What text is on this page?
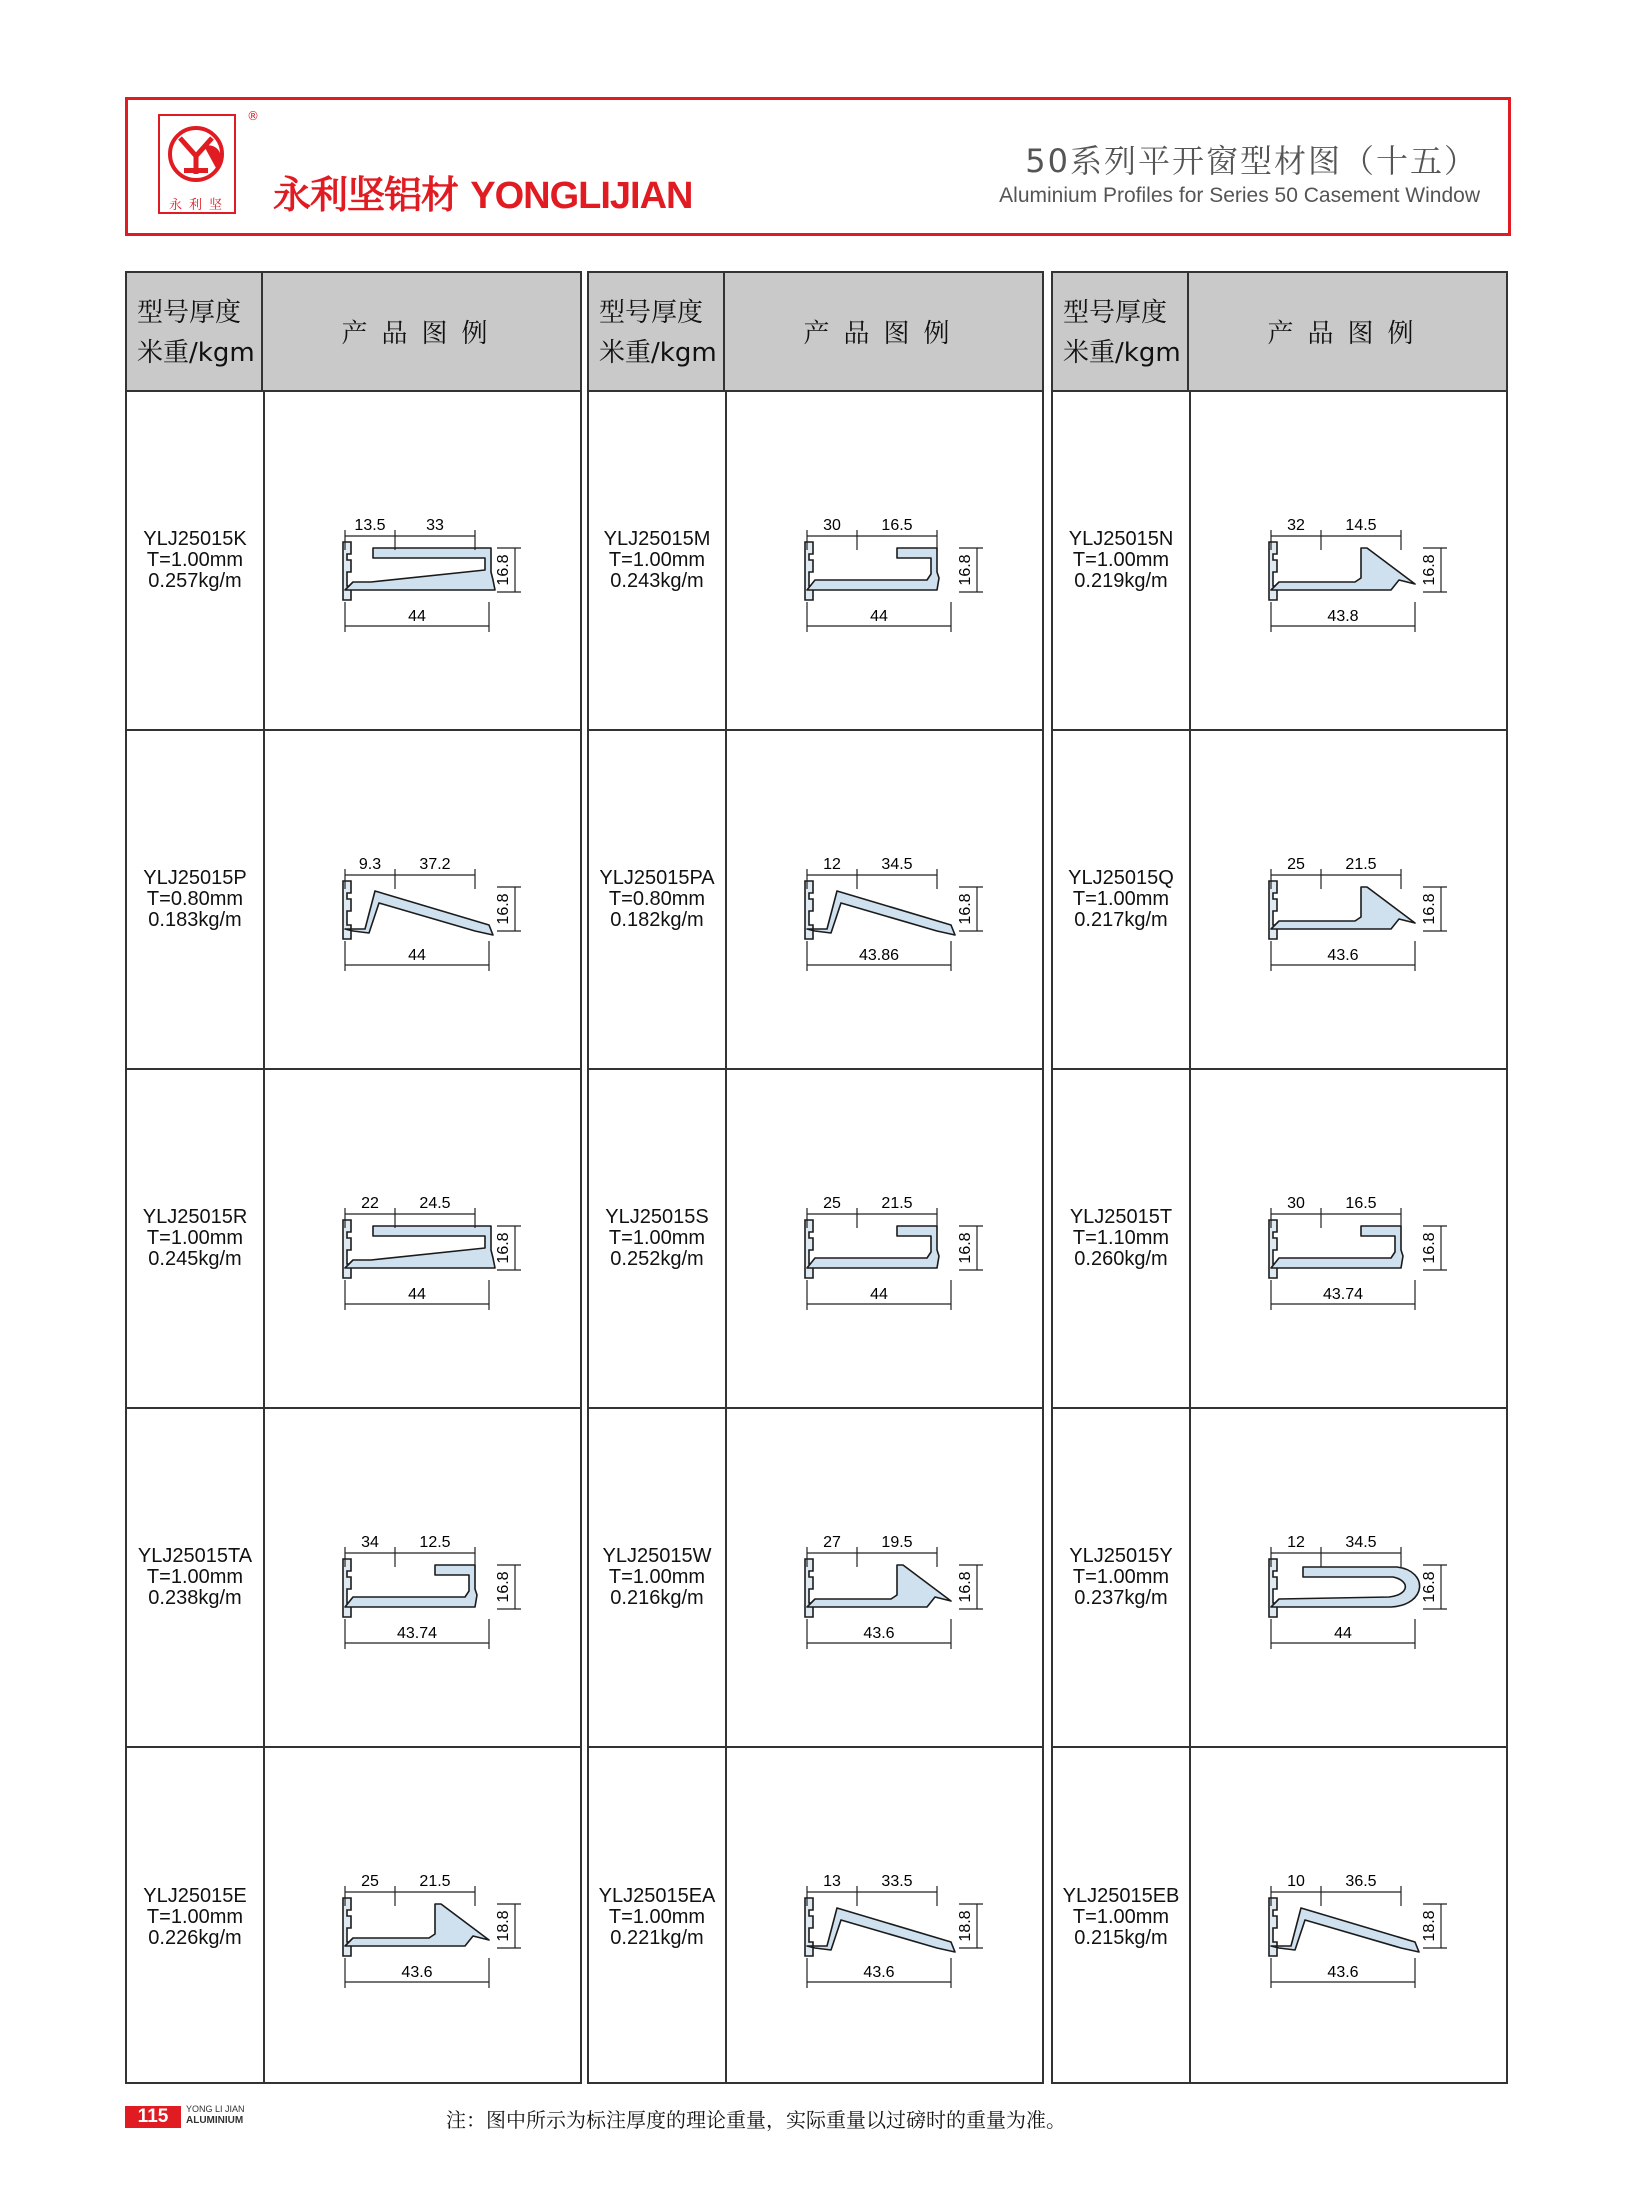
永利坚
®
永利坚铝材 YONGLIJIAN
50系列平开窗型材图（十五）
Aluminium Profiles for Series 50 Casement Window
型号厚度
米重/kgm
产品图例
YLJ25015K
T=1.00mm
0.257kg/m
13.5	33
16.8
44
YLJ25015P
T=0.80mm
0.183kg/m
9.3 37.2
16.8
44
YLJ25015R
T=1.00mm
0.245kg/m
22	24.5
16.8
44
YLJ25015TA
T=1.00mm
0.238kg/m
34	12.5
16.8
43.74
YLJ25015E
T=1.00mm
0.226kg/m
25	21.5
18.8
43.6
型号厚度
米重/kgm
产品图例
YLJ25015M
T=1.00mm
0.243kg/m
30	16.5
16.8
44
YLJ25015PA
T=0.80mm
0.182kg/m
12	34.5
16.8
43.86
YLJ25015S
T=1.00mm
0.252kg/m
25	21.5
16.8
44
YLJ25015W
T=1.00mm
0.216kg/m
27	19.5
16.8
43.6
YLJ25015EA
T=1.00mm
0.221kg/m
13	33.5
18.8
43.6
型号厚度
米重/kgm
产品图例
YLJ25015N
T=1.00mm
0.219kg/m
32	14.5
16.8
43.8
YLJ25015Q
T=1.00mm
0.217kg/m
25	21.5
16.8
43.6
YLJ25015T
T=1.10mm
0.260kg/m
30	16.5
16.8
43.74
YLJ25015Y
T=1.00mm
0.237kg/m
12	34.5
16.8
44
YLJ25015EB
T=1.00mm
0.215kg/m
10	36.5
18.8
43.6
115	YONG LI JIAN
ALUMINIUM	注：图中所示为标注厚度的理论重量，实际重量以过磅时的重量为准。
